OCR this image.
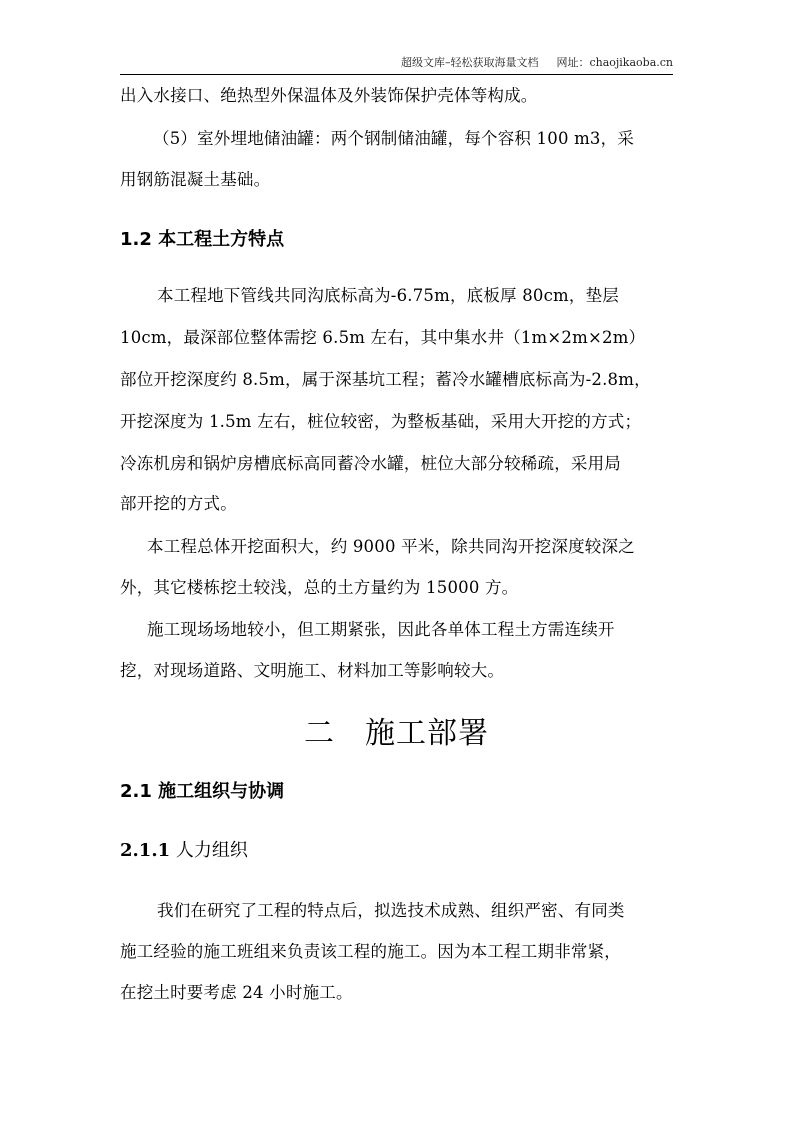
超级文库–轻松获取海量文档 网址：chaojikaoba.cn
出入水接口、绝热型外保温体及外装饰保护壳体等构成。
（5）室外埋地储油罐：两个钢制储油罐，每个容积 100 m3，采
用钢筋混凝土基础。
1.2 本工程土方特点
本工程地下管线共同沟底标高为-6.75m，底板厚 80cm，垫层
10cm，最深部位整体需挖 6.5m 左右，其中集水井（1m×2m×2m）
部位开挖深度约 8.5m，属于深基坑工程；蓄冷水罐槽底标高为-2.8m，
开挖深度为 1.5m 左右，桩位较密，为整板基础，采用大开挖的方式；
冷冻机房和锅炉房槽底标高同蓄冷水罐，桩位大部分较稀疏，采用局
部开挖的方式。
本工程总体开挖面积大，约 9000 平米，除共同沟开挖深度较深之
外，其它楼栋挖土较浅，总的土方量约为 15000 方。
施工现场场地较小，但工期紧张，因此各单体工程土方需连续开
挖，对现场道路、文明施工、材料加工等影响较大。
二 施工部署
2.1 施工组织与协调
2.1.1 人力组织
我们在研究了工程的特点后，拟选技术成熟、组织严密、有同类
施工经验的施工班组来负责该工程的施工。因为本工程工期非常紧，
在挖土时要考虑 24 小时施工。
